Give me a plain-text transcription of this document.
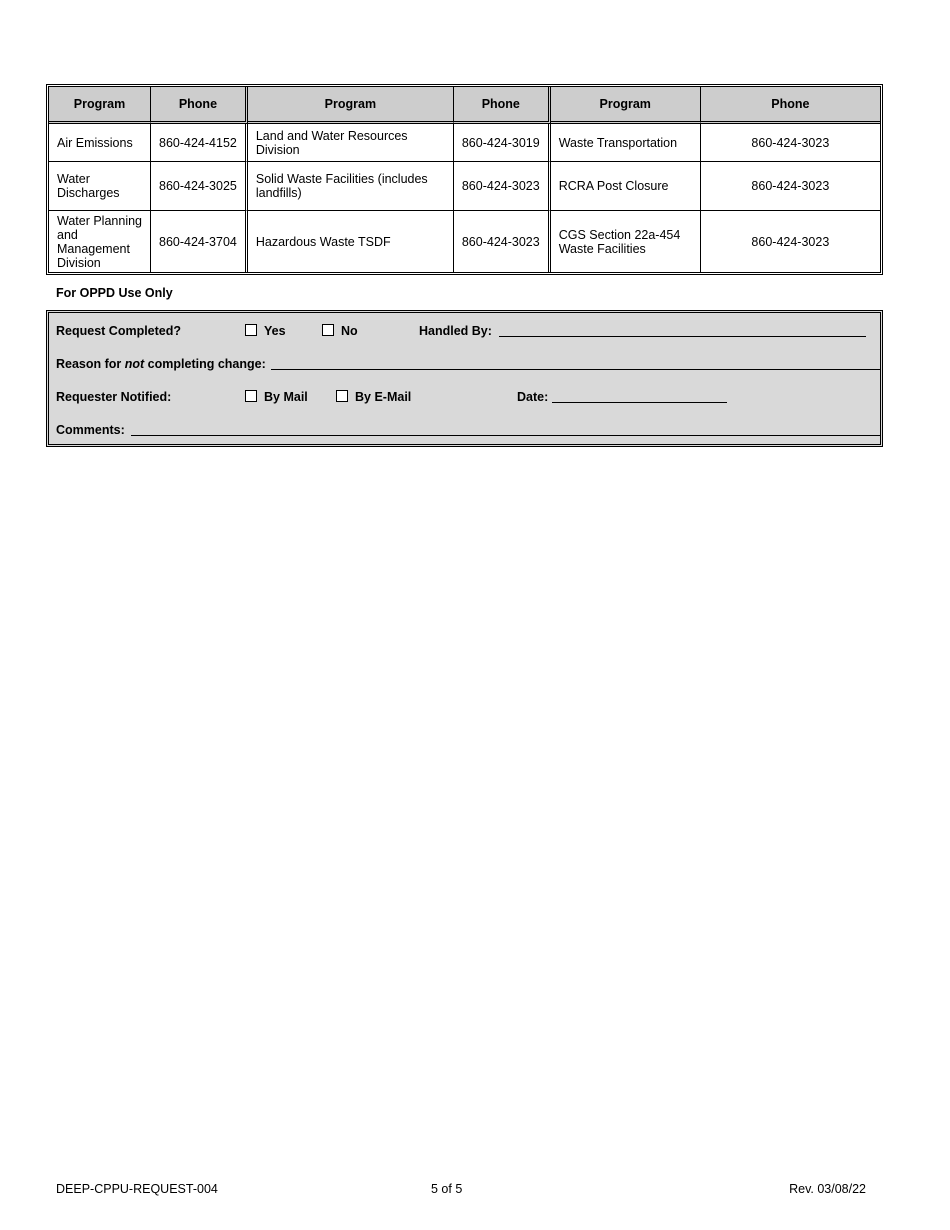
Program	Phone	Program	Phone	Program	Phone
Air Emissions	860-424-4152	Land and Water Resources Division	860-424-3019	Waste Transportation	860-424-3023
Water Discharges	860-424-3025	Solid Waste Facilities (includes landfills)	860-424-3023	RCRA Post Closure	860-424-3023
Water Planning and Management Division	860-424-3704	Hazardous Waste TSDF	860-424-3023	CGS Section 22a-454 Waste Facilities	860-424-3023
For OPPD Use Only
Request Completed?	Yes	No	Handled By:
Reason for not completing change:
Requester Notified:	By Mail	By E-Mail	Date:
Comments:
DEEP-CPPU-REQUEST-004	5 of 5	Rev. 03/08/22
